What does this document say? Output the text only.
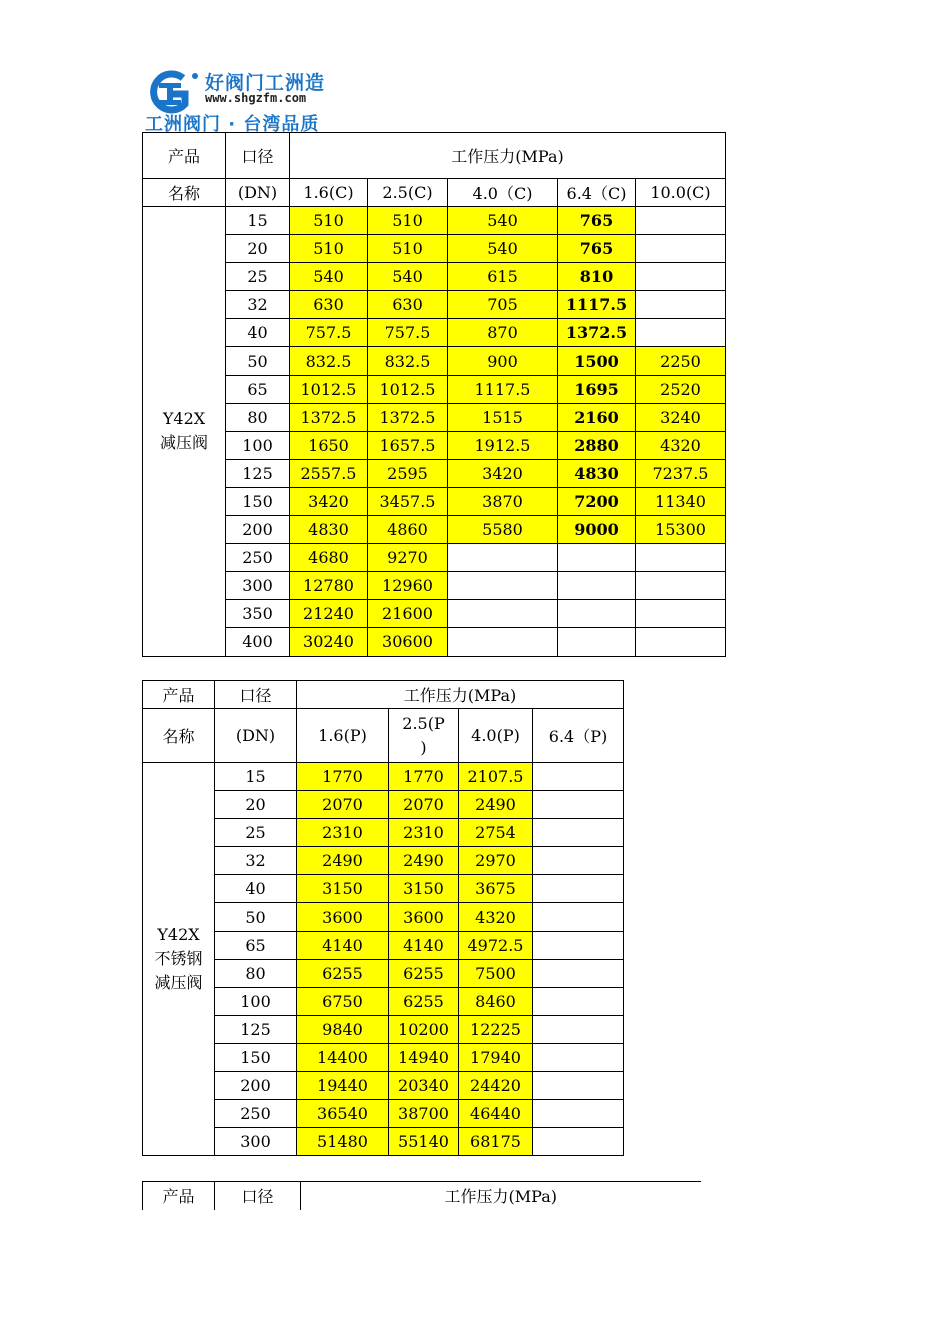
好阀门工洲造
www.shgzfm.com
工洲阀门 · 台湾品质
产品	口径	工作压力(MPa)				
名称	(DN)	1.6(C)	2.5(C)	4.0（C)	6.4（C)	10.0(C)
Y42X
减压阀	15	510	510	540	765	
	20	510	510	540	765	
	25	540	540	615	810	
	32	630	630	705	1117.5	
	40	757.5	757.5	870	1372.5	
	50	832.5	832.5	900	1500	2250
	65	1012.5	1012.5	1117.5	1695	2520
	80	1372.5	1372.5	1515	2160	3240
	100	1650	1657.5	1912.5	2880	4320
	125	2557.5	2595	3420	4830	7237.5
	150	3420	3457.5	3870	7200	11340
	200	4830	4860	5580	9000	15300
	250	4680	9270			
	300	12780	12960			
	350	21240	21600			
	400	30240	30600			
产品	口径	工作压力(MPa)			
名称	(DN)	1.6(P)	2.5(P
)	4.0(P)	6.4（P)
Y42X
不锈钢
减压阀	15	1770	1770	2107.5	
	20	2070	2070	2490	
	25	2310	2310	2754	
	32	2490	2490	2970	
	40	3150	3150	3675	
	50	3600	3600	4320	
	65	4140	4140	4972.5	
	80	6255	6255	7500	
	100	6750	6255	8460	
	125	9840	10200	12225	
	150	14400	14940	17940	
	200	19440	20340	24420	
	250	36540	38700	46440	
	300	51480	55140	68175	
产品	口径	工作压力(MPa)
